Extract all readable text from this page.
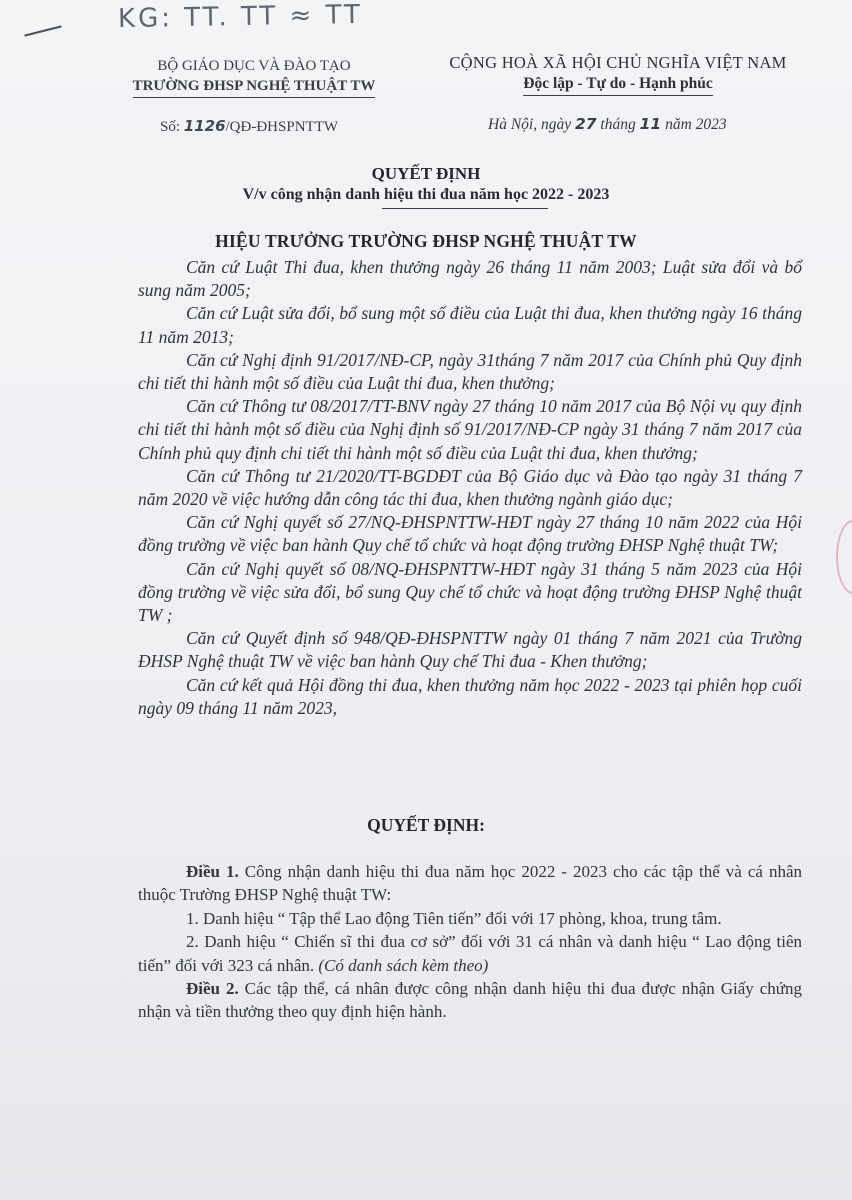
KG: TT. TT ≈ TT
BỘ GIÁO DỤC VÀ ĐÀO TẠO
TRƯỜNG ĐHSP NGHỆ THUẬT TW
Số: 1126/QĐ-ĐHSPNTTW
CỘNG HOÀ XÃ HỘI CHỦ NGHĨA VIỆT NAM
Độc lập - Tự do - Hạnh phúc
Hà Nội, ngày 27 tháng 11 năm 2023
QUYẾT ĐỊNH
V/v công nhận danh hiệu thi đua năm học 2022 - 2023
HIỆU TRƯỞNG TRƯỜNG ĐHSP NGHỆ THUẬT TW

Căn cứ Luật Thi đua, khen thưởng ngày 26 tháng 11 năm 2003; Luật sửa đổi và bổ sung năm 2005;

Căn cứ Luật sửa đổi, bổ sung một số điều của Luật thi đua, khen thưởng ngày 16 tháng 11 năm 2013;

Căn cứ Nghị định 91/2017/NĐ-CP, ngày 31tháng 7 năm 2017 của Chính phủ Quy định chi tiết thi hành một số điều của Luật thi đua, khen thưởng;

Căn cứ Thông tư 08/2017/TT-BNV ngày 27 tháng 10 năm 2017 của Bộ Nội vụ quy định chi tiết thi hành một số điều của Nghị định số 91/2017/NĐ-CP ngày 31 tháng 7 năm 2017 của Chính phủ quy định chi tiết thi hành một số điều của Luật thi đua, khen thưởng;

Căn cứ Thông tư 21/2020/TT-BGDĐT của Bộ Giáo dục và Đào tạo ngày 31 tháng 7 năm 2020 về việc hướng dẫn công tác thi đua, khen thưởng ngành giáo dục;

Căn cứ Nghị quyết số 27/NQ-ĐHSPNTTW-HĐT ngày 27 tháng 10 năm 2022 của Hội đồng trường về việc ban hành Quy chế tổ chức và hoạt động trường ĐHSP Nghệ thuật TW;

Căn cứ Nghị quyết số 08/NQ-ĐHSPNTTW-HĐT ngày 31 tháng 5 năm 2023 của Hội đồng trường về việc sửa đổi, bổ sung Quy chế tổ chức và hoạt động trường ĐHSP Nghệ thuật TW ;

Căn cứ Quyết định số 948/QĐ-ĐHSPNTTW ngày 01 tháng 7 năm 2021 của Trường ĐHSP Nghệ thuật TW về việc ban hành Quy chế Thi đua - Khen thưởng;

Căn cứ kết quả Hội đồng thi đua, khen thưởng năm học 2022 - 2023 tại phiên họp cuối ngày 09 tháng 11 năm 2023,

QUYẾT ĐỊNH:

Điều 1. Công nhận danh hiệu thi đua năm học 2022 - 2023 cho các tập thể và cá nhân thuộc Trường ĐHSP Nghệ thuật TW:

1. Danh hiệu “ Tập thể Lao động Tiên tiến” đối với 17 phòng, khoa, trung tâm.

2. Danh hiệu “ Chiến sĩ thi đua cơ sở” đối với 31 cá nhân và danh hiệu “ Lao động tiên tiến” đối với 323 cá nhân. (Có danh sách kèm theo)

Điều 2. Các tập thể, cá nhân được công nhận danh hiệu thi đua được nhận Giấy chứng nhận và tiền thưởng theo quy định hiện hành.
